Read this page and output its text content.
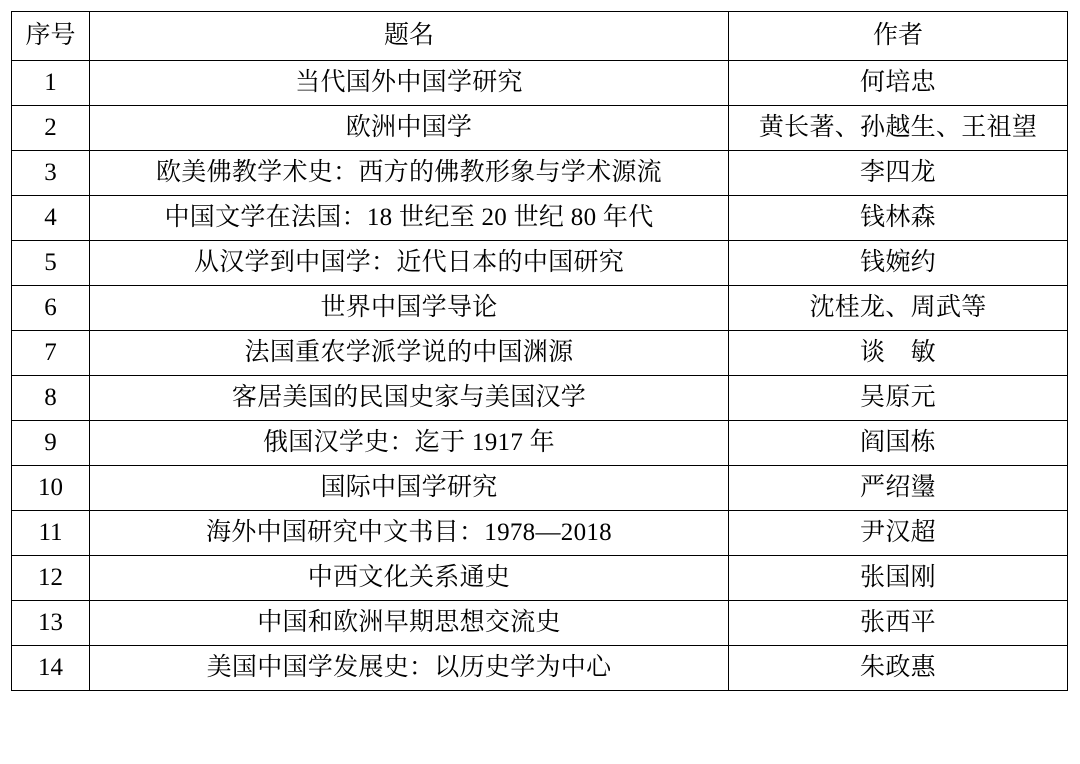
序号	题名	作者
1	当代国外中国学研究	何培忠
2	欧洲中国学	黄长著、孙越生、王祖望
3	欧美佛教学术史：西方的佛教形象与学术源流	李四龙
4	中国文学在法国：18 世纪至 20 世纪 80 年代	钱林森
5	从汉学到中国学：近代日本的中国研究	钱婉约
6	世界中国学导论	沈桂龙、周武等
7	法国重农学派学说的中国渊源	谈　敏
8	客居美国的民国史家与美国汉学	吴原元
9	俄国汉学史：迄于 1917 年	阎国栋
10	国际中国学研究	严绍璗
11	海外中国研究中文书目：1978—2018	尹汉超
12	中西文化关系通史	张国刚
13	中国和欧洲早期思想交流史	张西平
14	美国中国学发展史：以历史学为中心	朱政惠
